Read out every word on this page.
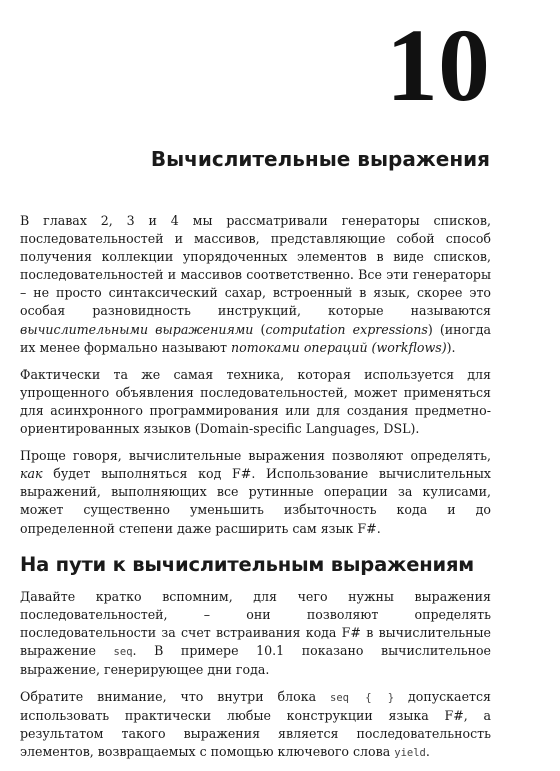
10
Вычислительные выражения

В главах 2, 3 и 4 мы рассматривали генераторы списков, последовательностей и массивов, представляющие собой способ получения коллекции упорядоченных элементов в виде списков, последовательностей и массивов соответственно. Все эти генераторы – не просто синтаксический сахар, встроенный в язык, скорее это особая разновидность инструкций, которые называются вычислительными выражениями (computation expressions) (иногда их менее формально называют потоками операций (workflows)).

Фактически та же самая техника, которая используется для упрощенного объявления последовательностей, может применяться для асинхронного программирования или для создания предметно-ориентированных языков (Domain-specific Languages, DSL).

Проще говоря, вычислительные выражения позволяют определять, как будет выполняться код F#. Использование вычислительных выражений, выполняющих все рутинные операции за кулисами, может существенно уменьшить избыточность кода и до определенной степени даже расширить сам язык F#.

На пути к вычислительным выражениям

Давайте кратко вспомним, для чего нужны выражения последовательностей, – они позволяют определять последовательности за счет встраивания кода F# в вычислительные выражение seq. В примере 10.1 показано вычислительное выражение, генерирующее дни года.

Обратите внимание, что внутри блока seq { } допускается использовать практически любые конструкции языка F#, а результатом такого выражения является последовательность элементов, возвращаемых с помощью ключевого слова yield.
